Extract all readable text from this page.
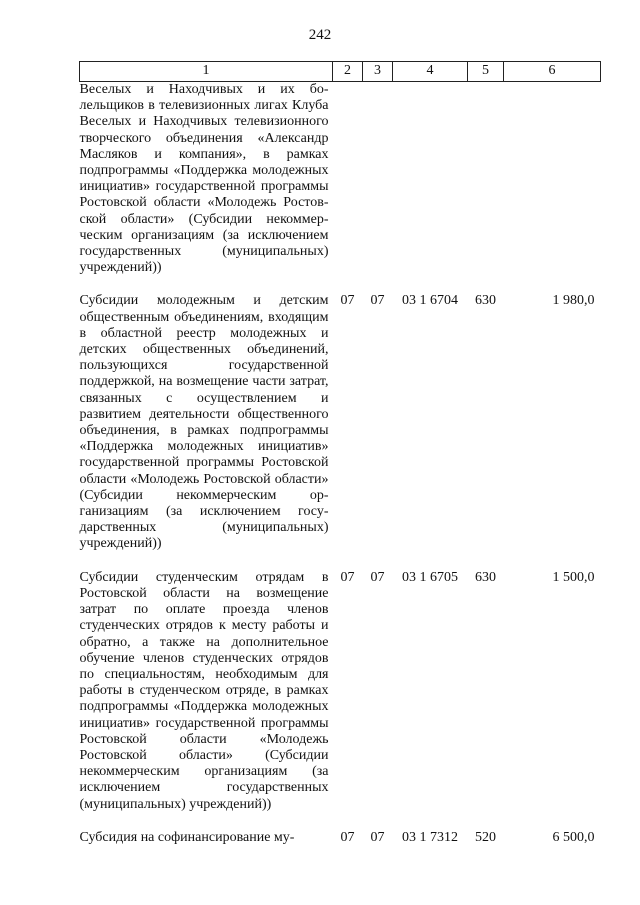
242
1	2	3	4	5	6
Веселых и Находчивых и их болельщиков в телевизионных лигах Клуба Веселых и Находчивых телевизионного творческого объединения «Александр Масляков и компания», в рамках подпрограммы «Поддержка молодежных инициатив» государственной программы Ростовской области «Молодежь Ростовской области» (Субсидии некоммерческим организациям (за исключением государственных (муниципальных) учреждений))					

Субсидии молодежным и детским общественным объединениям, входящим в областной реестр молодежных и детских общественных объединений, пользующихся государственной поддержкой, на возмещение части затрат, связанных с осуществлением и развитием деятельности общественного объединения, в рамках подпрограммы «Поддержка молодежных инициатив» государственной программы Ростовской области «Молодежь Ростовской области» (Субсидии некоммерческим организациям (за исключением государственных (муниципальных) учреждений))	07	07	03 1 6704	630	1 980,0

Субсидии студенческим отрядам в Ростовской области на возмещение затрат по оплате проезда членов студенческих отрядов к месту работы и обратно, а также на дополнительное обучение членов студенческих отрядов по специальностям, необходимым для работы в студенческом отряде, в рамках подпрограммы «Поддержка молодежных инициатив» государственной программы Ростовской области «Молодежь Ростовской области» (Субсидии некоммерческим организациям (за исключением государственных (муниципальных) учреждений))	07	07	03 1 6705	630	1 500,0

Субсидия на софинансирование му-	07	07	03 1 7312	520	6 500,0
